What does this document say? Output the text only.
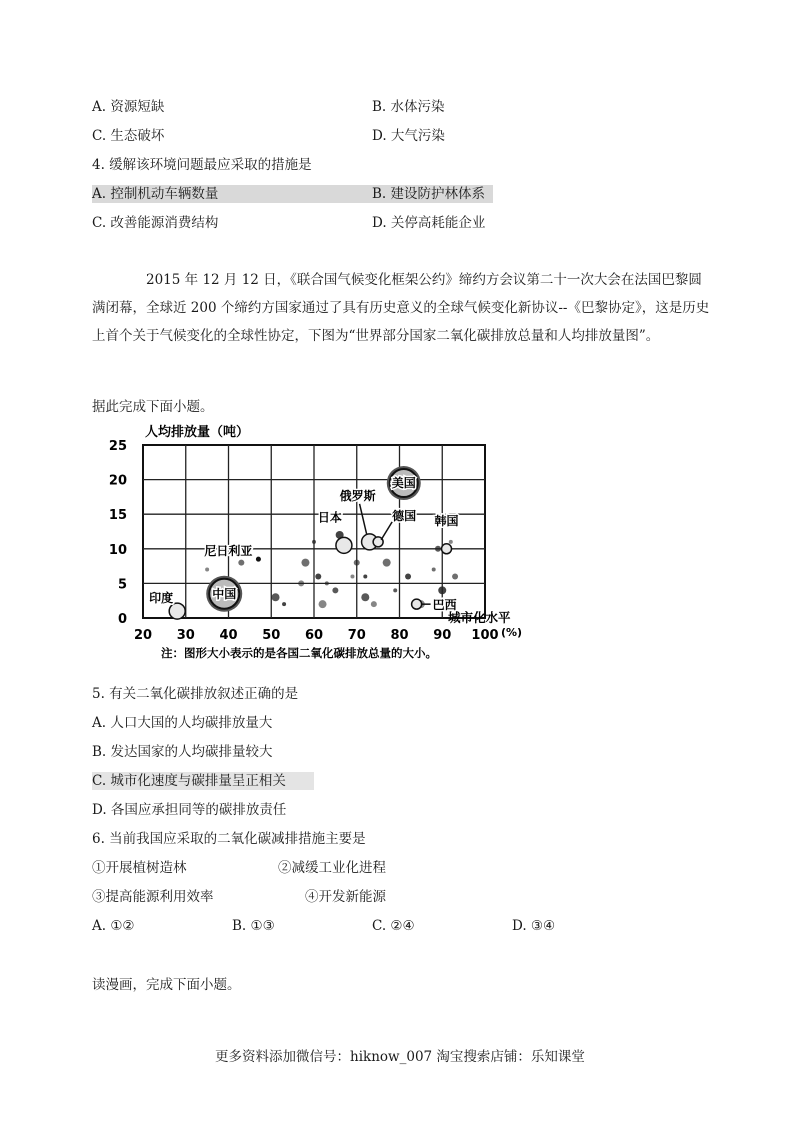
A. 资源短缺	B. 水体污染
C. 生态破坏	D. 大气污染
4. 缓解该环境问题最应采取的措施是
A. 控制机动车辆数量	B. 建设防护林体系
C. 改善能源消费结构	D. 关停高耗能企业
2015 年 12 月 12 日，《联合国气候变化框架公约》缔约方会议第二十一次大会在法国巴黎圆满闭幕，全球近 200 个缔约方国家通过了具有历史意义的全球气候变化新协议--《巴黎协定》，这是历史上首个关于气候变化的全球性协定，下图为“世界部分国家二氧化碳排放总量和人均排放量图”。
据此完成下面小题。
0
5
10
15
20
25
20 30 40 50 60 70 80 90 100
美国
中国
俄罗斯
日本	德国 韩国
尼日利亚
印度
巴西
人均排放量（吨）
城市化水平
(%)
注：图形大小表示的是各国二氧化碳排放总量的大小。
5. 有关二氧化碳排放叙述正确的是
A. 人口大国的人均碳排放量大
B. 发达国家的人均碳排量较大
C. 城市化速度与碳排量呈正相关
D. 各国应承担同等的碳排放责任
6. 当前我国应采取的二氧化碳减排措施主要是
①开展植树造林	②减缓工业化进程
③提高能源利用效率	④开发新能源
A. ①②	B. ①③	C. ②④	D. ③④
读漫画，完成下面小题。
更多资料添加微信号：hiknow_007 淘宝搜索店铺：乐知课堂
